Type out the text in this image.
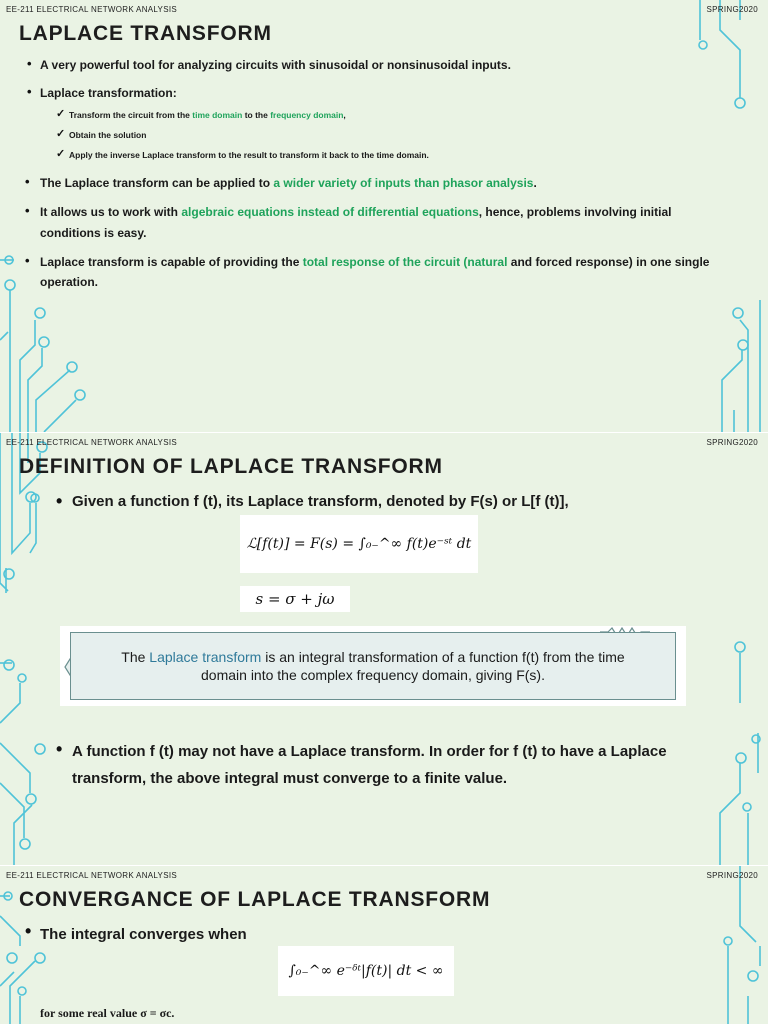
EE-211 ELECTRICAL NETWORK ANALYSIS	SPRING2020
LAPLACE TRANSFORM
• A very powerful tool for analyzing circuits with sinusoidal or nonsinusoidal inputs.
• Laplace transformation:
✓ Transform the circuit from the time domain to the frequency domain,
✓ Obtain the solution
✓ Apply the inverse Laplace transform to the result to transform it back to the time domain.
• The Laplace transform can be applied to a wider variety of inputs than phasor analysis.
• It allows us to work with algebraic equations instead of differential equations, hence, problems involving initial
conditions is easy.
• Laplace transform is capable of providing the total response of the circuit (natural and forced response) in one single
operation.
EE-211 ELECTRICAL NETWORK ANALYSIS	SPRING2020
DEFINITION OF LAPLACE TRANSFORM
• Given a function f (t), its Laplace transform, denoted by F(s) or L[f (t)],
ℒ[f(t)] = F(s) = ∫₀₋^∞ f(t)e⁻ˢᵗ dt
s = σ + jω
The Laplace transform is an integral transformation of a function f(t) from the time
domain into the complex frequency domain, giving F(s).
• A function f (t) may not have a Laplace transform. In order for f (t) to have a Laplace
transform, the above integral must converge to a finite value.
EE-211 ELECTRICAL NETWORK ANALYSIS	SPRING2020
CONVERGANCE OF LAPLACE TRANSFORM
• The integral converges when
∫₀₋^∞ e⁻ᵟᵗ|f(t)| dt < ∞
for some real value σ = σc.
